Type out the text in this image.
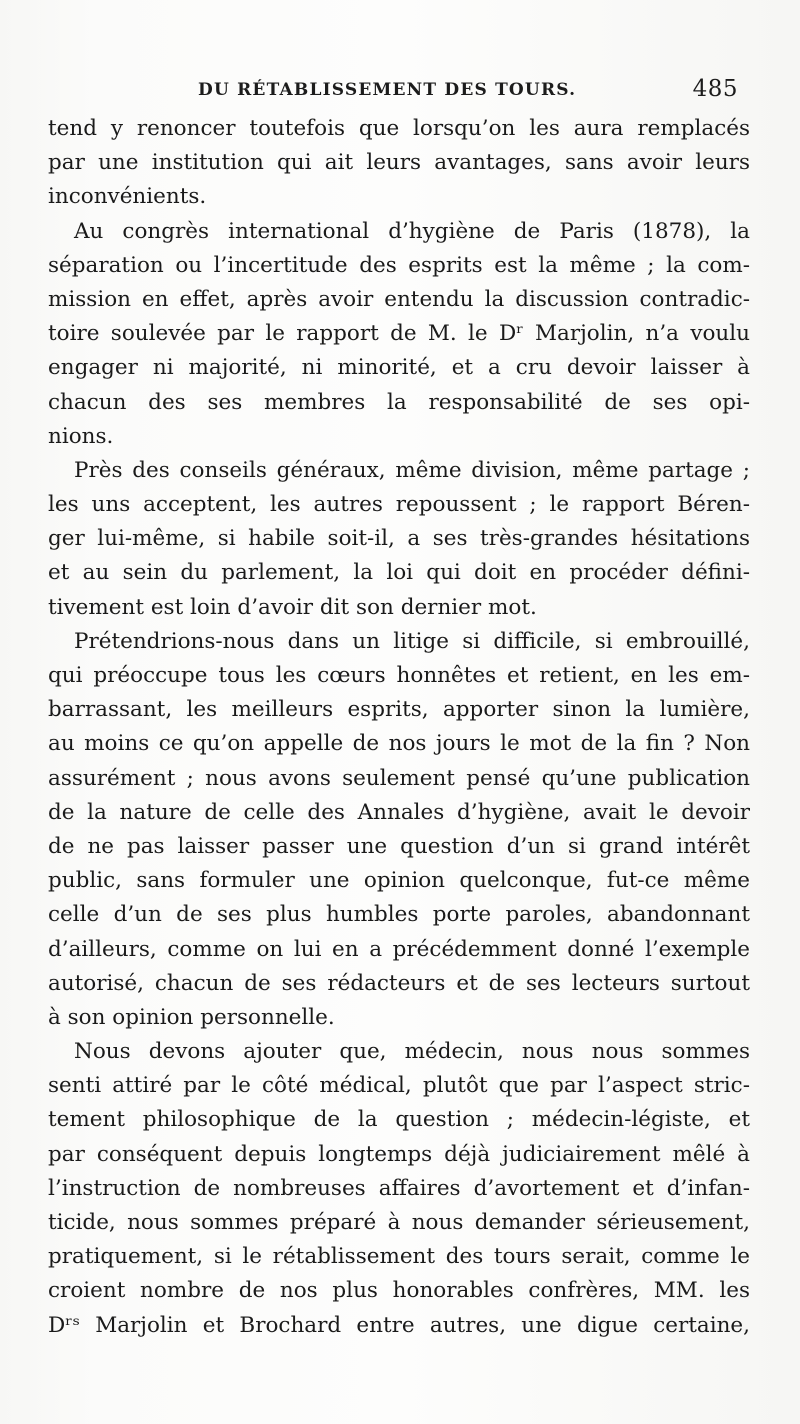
DU RÉTABLISSEMENT DES TOURS.	485
tend y renoncer toutefois que lorsqu’on les aura remplacés
par une institution qui ait leurs avantages, sans avoir leurs
inconvénients.
Au congrès international d’hygiène de Paris (1878), la
séparation ou l’incertitude des esprits est la même ; la com-
mission en effet, après avoir entendu la discussion contradic-
toire soulevée par le rapport de M. le Dʳ Marjolin, n’a voulu
engager ni majorité, ni minorité, et a cru devoir laisser à
chacun des ses membres la responsabilité de ses opi-
nions.
Près des conseils généraux, même division, même partage ;
les uns acceptent, les autres repoussent ; le rapport Béren-
ger lui-même, si habile soit-il, a ses très-grandes hésitations
et au sein du parlement, la loi qui doit en procéder défini-
tivement est loin d’avoir dit son dernier mot.
Prétendrions-nous dans un litige si difficile, si embrouillé,
qui préoccupe tous les cœurs honnêtes et retient, en les em-
barrassant, les meilleurs esprits, apporter sinon la lumière,
au moins ce qu’on appelle de nos jours le mot de la fin ? Non
assurément ; nous avons seulement pensé qu’une publication
de la nature de celle des Annales d’hygiène, avait le devoir
de ne pas laisser passer une question d’un si grand intérêt
public, sans formuler une opinion quelconque, fut-ce même
celle d’un de ses plus humbles porte paroles, abandonnant
d’ailleurs, comme on lui en a précédemment donné l’exemple
autorisé, chacun de ses rédacteurs et de ses lecteurs surtout
à son opinion personnelle.
Nous devons ajouter que, médecin, nous nous sommes
senti attiré par le côté médical, plutôt que par l’aspect stric-
tement philosophique de la question ; médecin-légiste, et
par conséquent depuis longtemps déjà judiciairement mêlé à
l’instruction de nombreuses affaires d’avortement et d’infan-
ticide, nous sommes préparé à nous demander sérieusement,
pratiquement, si le rétablissement des tours serait, comme le
croient nombre de nos plus honorables confrères, MM. les
Dʳˢ Marjolin et Brochard entre autres, une digue certaine,
